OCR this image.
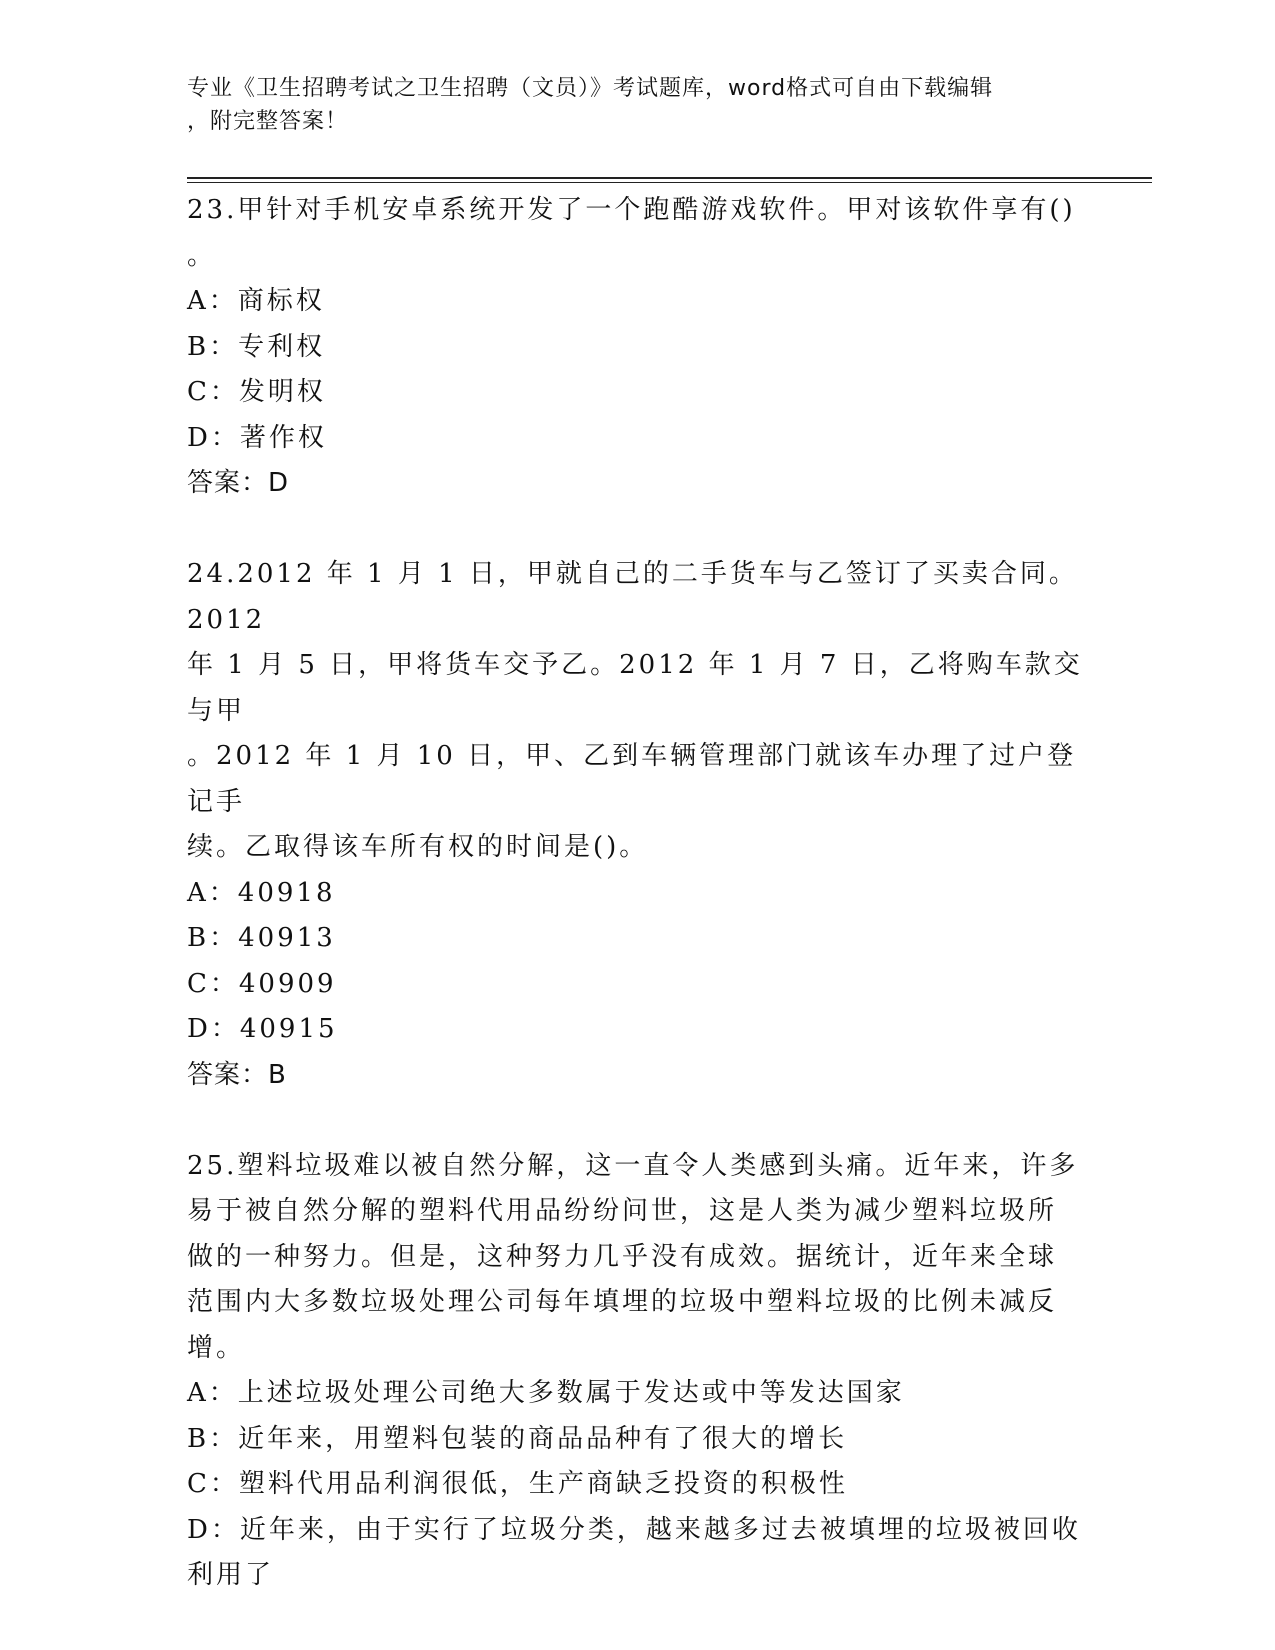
专业《卫生招聘考试之卫生招聘（文员）》考试题库，word格式可自由下载编辑
，附完整答案！
23.甲针对手机安卓系统开发了一个跑酷游戏软件。甲对该软件享有()
。
A：商标权
B：专利权
C：发明权
D：著作权
答案：D
24.2012 年 1 月 1 日，甲就自己的二手货车与乙签订了买卖合同。2012
年 1 月 5 日，甲将货车交予乙。2012 年 1 月 7 日，乙将购车款交与甲
。2012 年 1 月 10 日，甲、乙到车辆管理部门就该车办理了过户登记手
续。乙取得该车所有权的时间是()。
A：40918
B：40913
C：40909
D：40915
答案：B
25.塑料垃圾难以被自然分解，这一直令人类感到头痛。近年来，许多
易于被自然分解的塑料代用品纷纷问世，这是人类为减少塑料垃圾所
做的一种努力。但是，这种努力几乎没有成效。据统计，近年来全球
范围内大多数垃圾处理公司每年填埋的垃圾中塑料垃圾的比例未减反
增。
A：上述垃圾处理公司绝大多数属于发达或中等发达国家
B：近年来，用塑料包装的商品品种有了很大的增长
C：塑料代用品利润很低，生产商缺乏投资的积极性
D：近年来，由于实行了垃圾分类，越来越多过去被填埋的垃圾被回收
利用了
